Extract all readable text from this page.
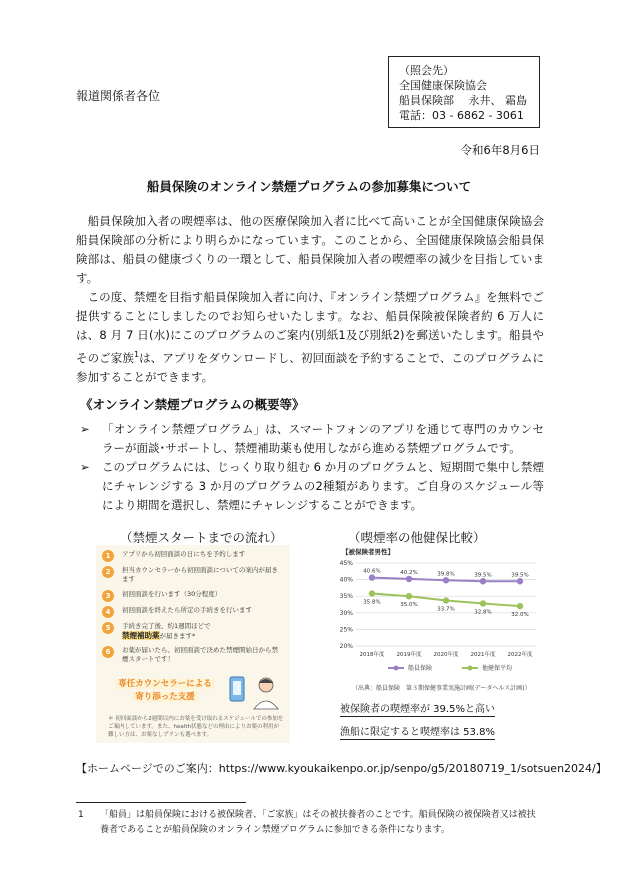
報道関係者各位
（照会先）
全国健康保険協会
船員保険部　 永井、 霜島
電話：03 - 6862 - 3061
令和6年8月6日
船員保険のオンライン禁煙プログラムの参加募集について
　船員保険加入者の喫煙率は、他の医療保険加入者に比べて高いことが全国健康保険協会船員保険部の分析により明らかになっています。このことから、全国健康保険協会船員保険部は、船員の健康づくりの一環として、船員保険加入者の喫煙率の減少を目指しています。
　この度、禁煙を目指す船員保険加入者に向け、『オンライン禁煙プログラム』を無料でご提供することにしましたのでお知らせいたします。なお、船員保険被保険者約 6 万人には、8 月 7 日(水)にこのプログラムのご案内(別紙1及び別紙2)を郵送いたします。船員やそのご家族$^1$は、アプリをダウンロードし、初回面談を予約することで、このプログラムに参加することができます。
《オンライン禁煙プログラムの概要等》
➢ 「オンライン禁煙プログラム」は、スマートフォンのアプリを通じて専門のカウンセラーが面談･サポートし、禁煙補助薬も使用しながら進める禁煙プログラムです。
➢ このプログラムには、じっくり取り組む 6 か月のプログラムと、短期間で集中し禁煙にチャレンジする 3 か月のプログラムの2種類があります。ご自身のスケジュール等により期間を選択し、禁煙にチャレンジすることができます。
（禁煙スタートまでの流れ）
1	アプリから初回面談の日にちを予約します
2	担当カウンセラーから初回面談についての案内が届きます
3	初回面談を行います（30分程度）
4	初回面談を終えたら所定の手続きを行います
5	手続き完了後、約1週間ほどで
禁煙補助薬が届きます*
6	お薬が届いたら、初回面談で決めた禁煙開始日から禁煙スタートです！
専任カウンセラーによる
寄り添った支援
＊ 初回面談から2週間以内にお薬を受け取れるスケジュールでの参加をご案内しています。また、health状態などの理由によりお薬の利用が難しい方は、お薬なしプランも選べます。
（喫煙率の他健保比較）
【被保険者男性】
20%
25%
30%
35%
40%
45%
2018年度 2019年度 2020年度 2021年度 2022年度
40.6%	40.2%	39.8%	39.5%	39.5%
35.8%	35.0%
33.7%	32.8%	32.0%
船員保険	他健保平均
（出典：船員保険　第３期保健事業実施計画(データヘルス計画)）
被保険者の喫煙率が 39.5%と高い
漁船に限定すると喫煙率は 53.8%
【ホームページでのご案内：https://www.kyoukaikenpo.or.jp/senpo/g5/20180719_1/sotsuen2024/】
1 「船員」は船員保険における被保険者、「ご家族」はその被扶養者のことです。船員保険の被保険者又は被扶養者であることが船員保険のオンライン禁煙プログラムに参加できる条件になります。
